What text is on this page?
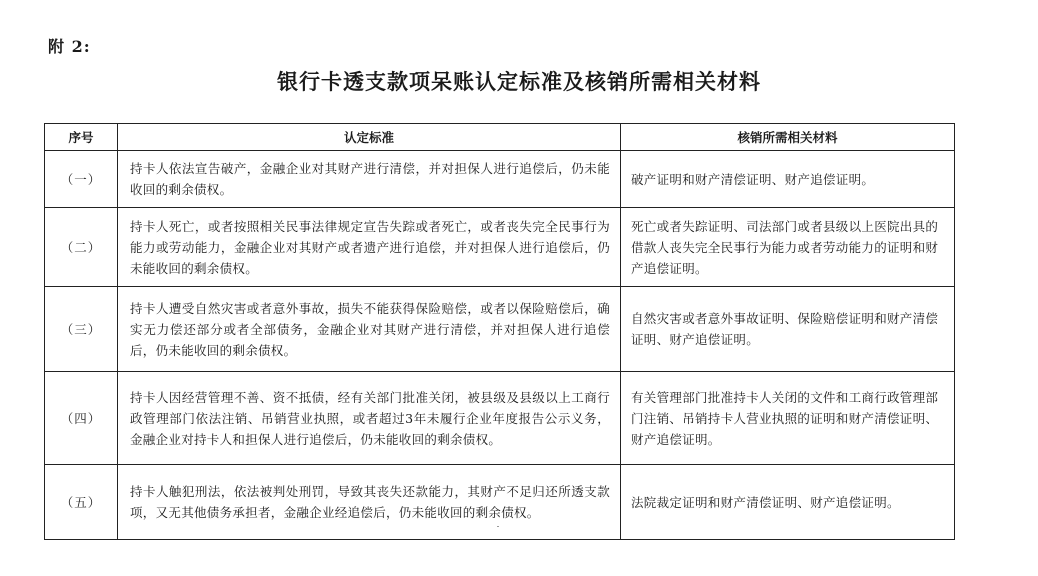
附 2:
银行卡透支款项呆账认定标准及核销所需相关材料
序号	认定标准	核销所需相关材料
（一）	持卡人依法宣告破产，金融企业对其财产进行清偿，并对担保人进行追偿后，仍未能收回的剩余债权。	破产证明和财产清偿证明、财产追偿证明。
（二）	持卡人死亡，或者按照相关民事法律规定宣告失踪或者死亡，或者丧失完全民事行为能力或劳动能力，金融企业对其财产或者遗产进行追偿，并对担保人进行追偿后，仍未能收回的剩余债权。	死亡或者失踪证明、司法部门或者县级以上医院出具的借款人丧失完全民事行为能力或者劳动能力的证明和财产追偿证明。
（三）	持卡人遭受自然灾害或者意外事故，损失不能获得保险赔偿，或者以保险赔偿后，确实无力偿还部分或者全部债务，金融企业对其财产进行清偿，并对担保人进行追偿后，仍未能收回的剩余债权。	自然灾害或者意外事故证明、保险赔偿证明和财产清偿证明、财产追偿证明。
（四）	持卡人因经营管理不善、资不抵债，经有关部门批准关闭，被县级及县级以上工商行政管理部门依法注销、吊销营业执照，或者超过3年未履行企业年度报告公示义务，金融企业对持卡人和担保人进行追偿后，仍未能收回的剩余债权。	有关管理部门批准持卡人关闭的文件和工商行政管理部门注销、吊销持卡人营业执照的证明和财产清偿证明、财产追偿证明。
（五）	持卡人触犯刑法，依法被判处刑罚，导致其丧失还款能力，其财产不足归还所透支款项，又无其他债务承担者，金融企业经追偿后，仍未能收回的剩余债权。	法院裁定证明和财产清偿证明、财产追偿证明。
